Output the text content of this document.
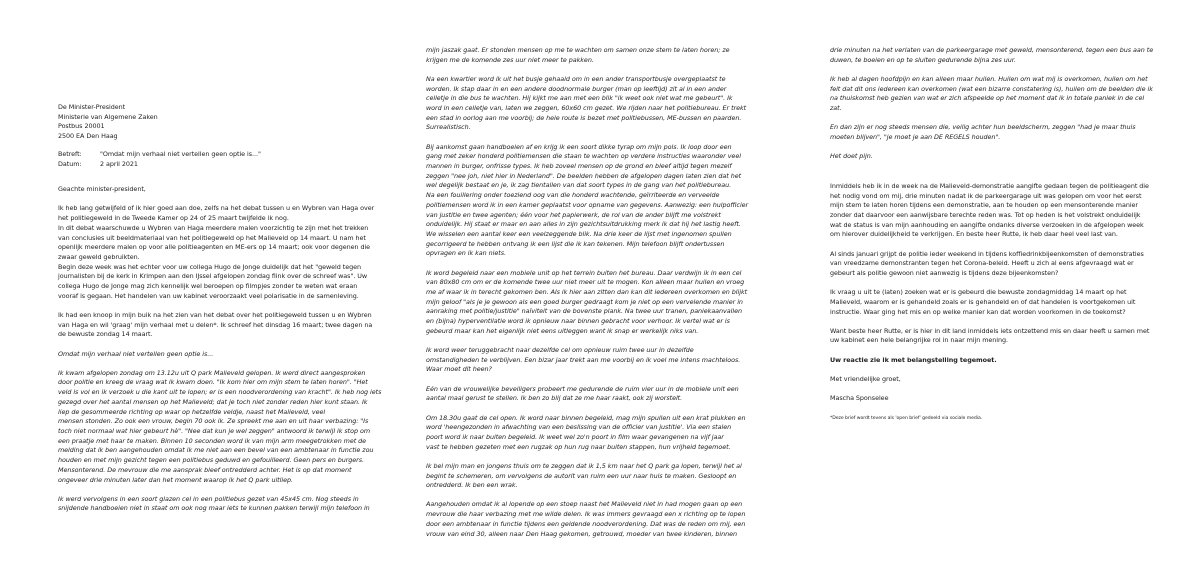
De Minister-President
Ministerie van Algemene Zaken
Postbus 20001
2500 EA Den Haag
Betreft:	"Omdat mijn verhaal niet vertellen geen optie is..."
Datum:	2 april 2021

Geachte minister-president,

Ik heb lang getwijfeld of ik hier goed aan doe, zelfs na het debat tussen u en Wybren van Haga over
het politiegeweld in de Tweede Kamer op 24 of 25 maart twijfelde ik nog.
In dit debat waarschuwde u Wybren van Haga meerdere malen voorzichtig te zijn met het trekken
van conclusies uit beeldmateriaal van het politiegeweld op het Malieveld op 14 maart. U nam het
openlijk meerdere malen op voor alle politieagenten en ME-ers op 14 maart; ook voor degenen die
zwaar geweld gebruikten.
Begin deze week was het echter voor uw collega Hugo de Jonge duidelijk dat het "geweld tegen
journalisten bij de kerk in Krimpen aan den IJssel afgelopen zondag flink over de schreef was". Uw
collega Hugo de Jonge mag zich kennelijk wel beroepen op filmpjes zonder te weten wat eraan
vooraf is gegaan. Het handelen van uw kabinet veroorzaakt veel polarisatie in de samenleving.

Ik had een knoop in mijn buik na het zien van het debat over het politiegeweld tussen u en Wybren
van Haga en wil 'graag' mijn verhaal met u delen*. Ik schreef het dinsdag 16 maart; twee dagen na
de bewuste zondag 14 maart.

Omdat mijn verhaal niet vertellen geen optie is...

Ik kwam afgelopen zondag om 13.12u uit Q park Malieveld gelopen. Ik werd direct aangesproken
door politie en kreeg de vraag wat ik kwam doen. "Ik kom hier om mijn stem te laten horen". "Het
veld is vol en ik verzoek u die kant uit te lopen; er is een noodverordening van kracht". Ik heb nog iets
gezegd over het aantal mensen op het Malieveld; dat je toch niet zonder reden hier kunt staan. Ik
liep de gesommeerde richting op waar op hetzelfde veldje, naast het Malieveld, veel
mensen stonden. Zo ook een vrouw, begin 70 ook ik. Ze spreekt me aan en uit haar verbazing: "Is
toch niet normaal wat hier gebeurt hè". "Nee dat kun je wel zeggen" antwoord ik terwijl ik stop om
een praatje met haar te maken. Binnen 10 seconden word ik van mijn arm meegetrokken met de
melding dat ik ben aangehouden omdat ik me niet aan een bevel van een ambtenaar in functie zou
houden en met mijn gezicht tegen een politiebus geduwd en gefouilleerd. Geen pers en burgers.
Mensonterend. De mevrouw die me aansprak bleef ontredderd achter. Het is op dat moment
ongeveer drie minuten later dan het moment waarop ik het Q park uitliep.

Ik werd vervolgens in een soort glazen cel in een politiebus gezet van 45x45 cm. Nog steeds in
snijdende handboeien niet in staat om ook nog maar iets te kunnen pakken terwijl mijn telefoon in

mijn jaszak gaat. Er stonden mensen op me te wachten om samen onze stem te laten horen; ze
krijgen me de komende zes uur niet meer te pakken.

Na een kwartier word ik uit het busje gehaald om in een ander transportbusje overgeplaatst te
worden. Ik stap daar in en een andere doodnormale burger (man op leeftijd) zit al in een ander
celletje in die bus te wachten. Hij kijkt me aan met een blik "ik weet ook niet wat me gebeurt". Ik
word in een celletje van, laten we zeggen, 60x60 cm gezet. We rijden naar het politiebureau. Er trekt
een stad in oorlog aan me voorbij; de hele route is bezet met politiebussen, ME-bussen en paarden.
Surrealistisch.

Bij aankomst gaan handboeien af en krijg ik een soort dikke tyrap om mijn pols. Ik loop door een
gang met zeker honderd politiemensen die staan te wachten op verdere instructies waaronder veel
mannen in burger, onfrisse types. Ik heb zoveel mensen op de grond en bleef altijd tegen mezelf
zeggen "nee joh, niet hier in Nederland". De beelden hebben de afgelopen dagen laten zien dat het
wel degelijk bestaat en je, ik zag tientallen van dat soort types in de gang van het politiebureau.
Na een fouillering onder toeziend oog van die honderd wachtende, geïrriteerde en verveelde
politiemensen word ik in een kamer geplaatst voor opname van gegevens. Aanwezig: een hulpofficier
van justitie en twee agenten; één voor het papierwerk, de rol van de ander blijft me volstrekt
onduidelijk. Hij staat er maar en aan alles in zijn gezichtsuitdrukking merk ik dat hij het lastig heeft.
We wisselen een aantal keer een veelzeggende blik. Na drie keer de lijst met ingenomen spullen
gecorrigeerd te hebben ontvang ik een lijst die ik kan tekenen. Mijn telefoon blijft ondertussen
opvragen en ik kan niets.

Ik word begeleid naar een mobiele unit op het terrein buiten het bureau. Daar verdwijn ik in een cel
van 80x80 cm om er de komende twee uur niet meer uit te mogen. Kon alleen maar huilen en vroeg
me af waar ik in terecht gekomen ben. Als ik hier aan zitten dan kan dit iedereen overkomen en blijkt
mijn geloof "als je je gewoon als een goed burger gedraagt kom je niet op een vervelende manier in
aanraking met politie/justitie" naïviteit van de bovenste plank. Na twee uur tranen, paniekaanvallen
en (bijna) hyperventilatie word ik opnieuw naar binnen gebracht voor verhoor. Ik vertel wat er is
gebeurd maar kan het eigenlijk niet eens uitleggen want ik snap er werkelijk niks van.

Ik word weer teruggebracht naar dezelfde cel om opnieuw ruim twee uur in dezelfde
omstandigheden te verblijven. Een bizar jaar trekt aan me voorbij en ik voel me intens machteloos.
Waar moet dit heen?

Eén van de vrouwelijke beveiligers probeert me gedurende de ruim vier uur in de mobiele unit een
aantal maal gerust te stellen. Ik ben zo blij dat ze me haar raakt, ook zij worstelt.

Om 18.30u gaat de cel open. Ik word naar binnen begeleid, mag mijn spullen uit een krat plukken en
word 'heengezonden in afwachting van een beslissing van de officier van justitie'. Via een stalen
poort word ik naar buiten begeleid. Ik weet wel zo'n poort in film waar gevangenen na vijf jaar
vast te hebben gezeten met een rugzak op hun rug naar buiten stappen, hun vrijheid tegemoet.

Ik bel mijn man en jongens thuis om te zeggen dat ik 1,5 km naar het Q park ga lopen, terwijl het al
begint te schemeren, om vervolgens de autorit van ruim een uur naar huis te maken. Gesloopt en
ontredderd. Ik ben een wrak.

Aangehouden omdat ik al lopende op een stoep naast het Malieveld niet in had mogen gaan op een
mevrouw die haar verbazing met me wilde delen. Ik was immers gevraagd een x richting op te lopen
door een ambtenaar in functie tijdens een geldende noodverordening. Dat was de reden om mij, een
vrouw van eind 30, alleen naar Den Haag gekomen, getrouwd, moeder van twee kinderen, binnen

drie minuten na het verlaten van de parkeergarage met geweld, mensonterend, tegen een bus aan te
duwen, te boeien en op te sluiten gedurende bijna zes uur.

Ik heb al dagen hoofdpijn en kan alleen maar huilen. Huilen om wat mij is overkomen, huilen om het
feit dat dit ons iedereen kan overkomen (wat een bizarre constatering is), huilen om de beelden die ik
na thuiskomst heb gezien van wat er zich afspeelde op het moment dat ik in totale paniek in de cel
zat.

En dan zijn er nog steeds mensen die, veilig achter hun beeldscherm, zeggen "had je maar thuis
moeten blijven", "je moet je aan DE REGELS houden".

Het doet pijn.

Inmiddels heb ik in de week na de Malieveld-demonstratie aangifte gedaan tegen de politieagent die
het nodig vond om mij, drie minuten nadat ik de parkeergarage uit was gelopen om voor het eerst
mijn stem te laten horen tijdens een demonstratie, aan te houden op een mensonterende manier
zonder dat daarvoor een aanwijsbare terechte reden was. Tot op heden is het volstrekt onduidelijk
wat de status is van mijn aanhouding en aangifte ondanks diverse verzoeken in de afgelopen week
om hierover duidelijkheid te verkrijgen. En beste heer Rutte, ik heb daar heel veel last van.

Al sinds januari grijpt de politie ieder weekend in tijdens koffiedrinkbijeenkomsten of demonstraties
van vreedzame demonstranten tegen het Corona-beleid. Heeft u zich al eens afgevraagd wat er
gebeurt als politie gewoon niet aanwezig is tijdens deze bijeenkomsten?

Ik vraag u uit te (laten) zoeken wat er is gebeurd die bewuste zondagmiddag 14 maart op het
Malieveld, waarom er is gehandeld zoals er is gehandeld en of dat handelen is voortgekomen uit
instructie. Waar ging het mis en op welke manier kan dat worden voorkomen in de toekomst?

Want beste heer Rutte, er is hier in dit land inmiddels iets ontzettend mis en daar heeft u samen met
uw kabinet een hele belangrijke rol in naar mijn mening.

Uw reactie zie ik met belangstelling tegemoet.

Met vriendelijke groet,

Mascha Sponselee

*Deze brief wordt tevens als 'open brief' gedeeld via sociale media.
